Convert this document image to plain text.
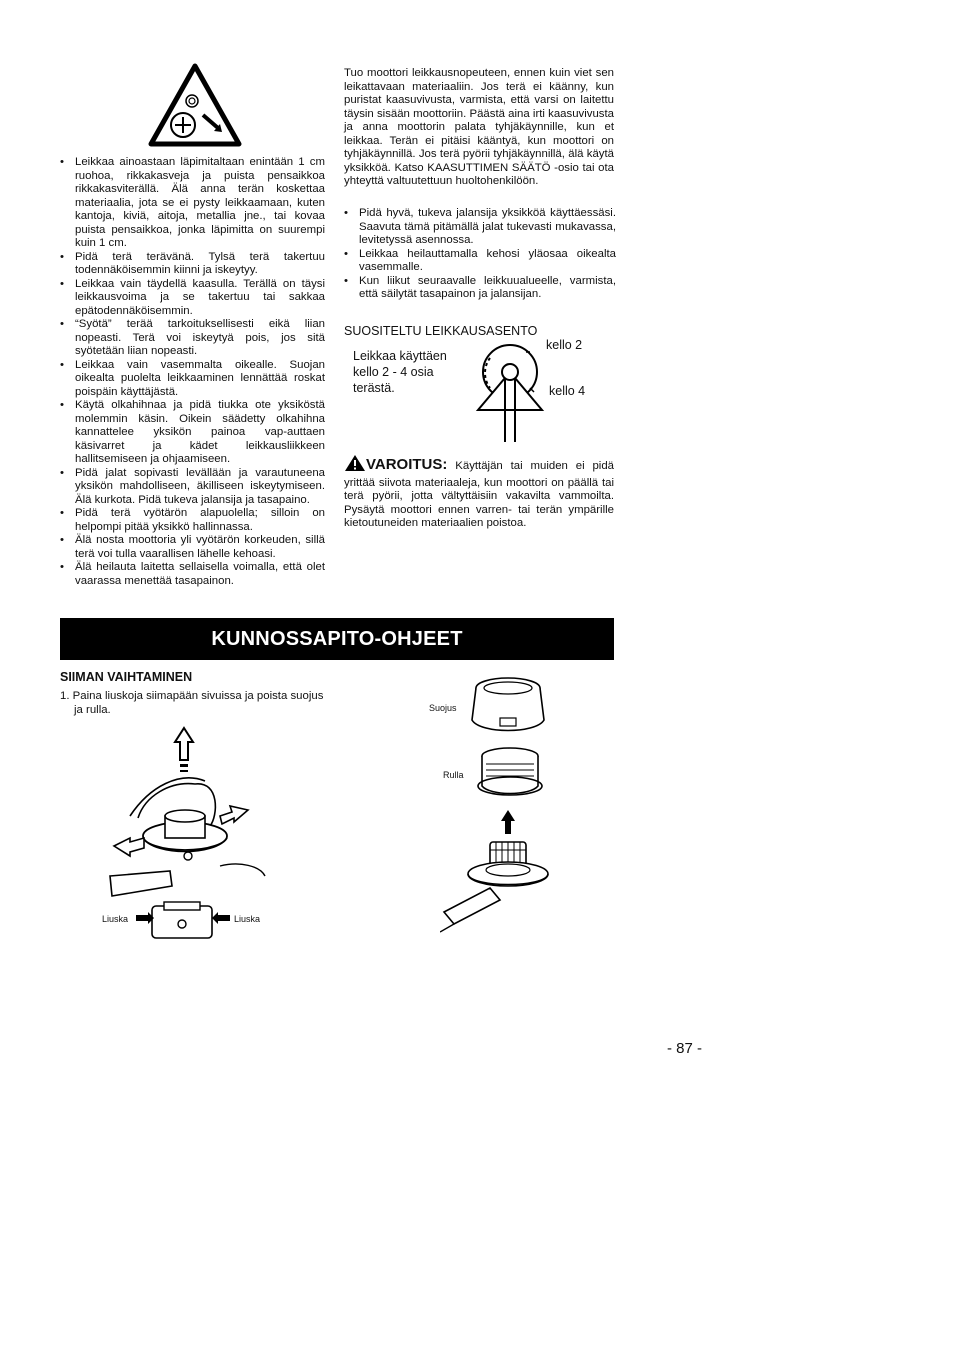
• Leikkaa ainoastaan läpimitaltaan enintään 1 cm ruohoa, rikkakasveja ja puista pensaikkoa rikkakasviterällä. Älä anna terän koskettaa materiaalia, jota se ei pysty leikkaamaan, kuten kantoja, kiviä, aitoja, metallia jne., tai kovaa puista pensaikkoa, jonka läpimitta on suurempi kuin 1 cm.
• Pidä terä terävänä. Tylsä terä takertuu todennäköisemmin kiinni ja iskeytyy.
• Leikkaa vain täydellä kaasulla. Terällä on täysi leikkausvoima ja se takertuu tai sakkaa epätodennäköisemmin.
• “Syötä” terää tarkoituksellisesti eikä liian nopeasti. Terä voi iskeytyä pois, jos sitä syötetään liian nopeasti.
• Leikkaa vain vasemmalta oikealle. Suojan oikealta puolelta leikkaaminen lennättää roskat poispäin käyttäjästä.
• Käytä olkahihnaa ja pidä tiukka ote yksiköstä molemmin käsin. Oikein säädetty olkahihna kannattelee yksikön painoa vap-auttaen käsivarret ja kädet leikkausliikkeen hallitsemiseen ja ohjaamiseen.
• Pidä jalat sopivasti levällään ja varautuneena yksikön mahdolliseen, äkilliseen iskeytymiseen. Älä kurkota. Pidä tukeva jalansija ja tasapaino.
• Pidä terä vyötärön alapuolella; silloin on helpompi pitää yksikkö hallinnassa.
• Älä nosta moottoria yli vyötärön korkeuden, sillä terä voi tulla vaarallisen lähelle kehoasi.
• Älä heilauta laitetta sellaisella voimalla, että olet vaarassa menettää tasapainon.

Tuo moottori leikkausnopeuteen, ennen kuin viet sen leikattavaan materiaaliin. Jos terä ei käänny, kun puristat kaasuvivusta, varmista, että varsi on laitettu täysin sisään moottoriin. Päästä aina irti kaasuvivusta ja anna moottorin palata tyhjäkäynnille, kun et leikkaa. Terän ei pitäisi kääntyä, kun moottori on tyhjäkäynnillä. Jos terä pyörii tyhjäkäynnillä, älä käytä yksikköä. Katso KAASUTTIMEN SÄÄTÖ -osio tai ota yhteyttä valtuutettuun huoltohenkilöön.

• Pidä hyvä, tukeva jalansija yksikköä käyttäessäsi. Saavuta tämä pitämällä jalat tukevasti mukavassa, levitetyssä asennossa.
• Leikkaa heilauttamalla kehosi yläosaa oikealta vasemmalle.
• Kun liikut seuraavalle leikkuualueelle, varmista, että säilytät tasapainon ja jalansijan.
SUOSITELTU LEIKKAUSASENTO
Leikkaa käyttäen kello 2 - 4 osia terästä.
kello 2
kello 4
VAROITUS: Käyttäjän tai muiden ei pidä yrittää siivota materiaaleja, kun moottori on päällä tai terä pyörii, jotta vältyttäisiin vakavilta vammoilta. Pysäytä moottori ennen varren- tai terän ympärille kietoutuneiden materiaalien poistoa.
KUNNOSSAPITO-OHJEET
SIIMAN VAIHTAMINEN
1. Paina liuskoja siimapään sivuissa ja poista suojus ja rulla.
Liuska	Liuska
Suojus
Rulla
- 87 -
